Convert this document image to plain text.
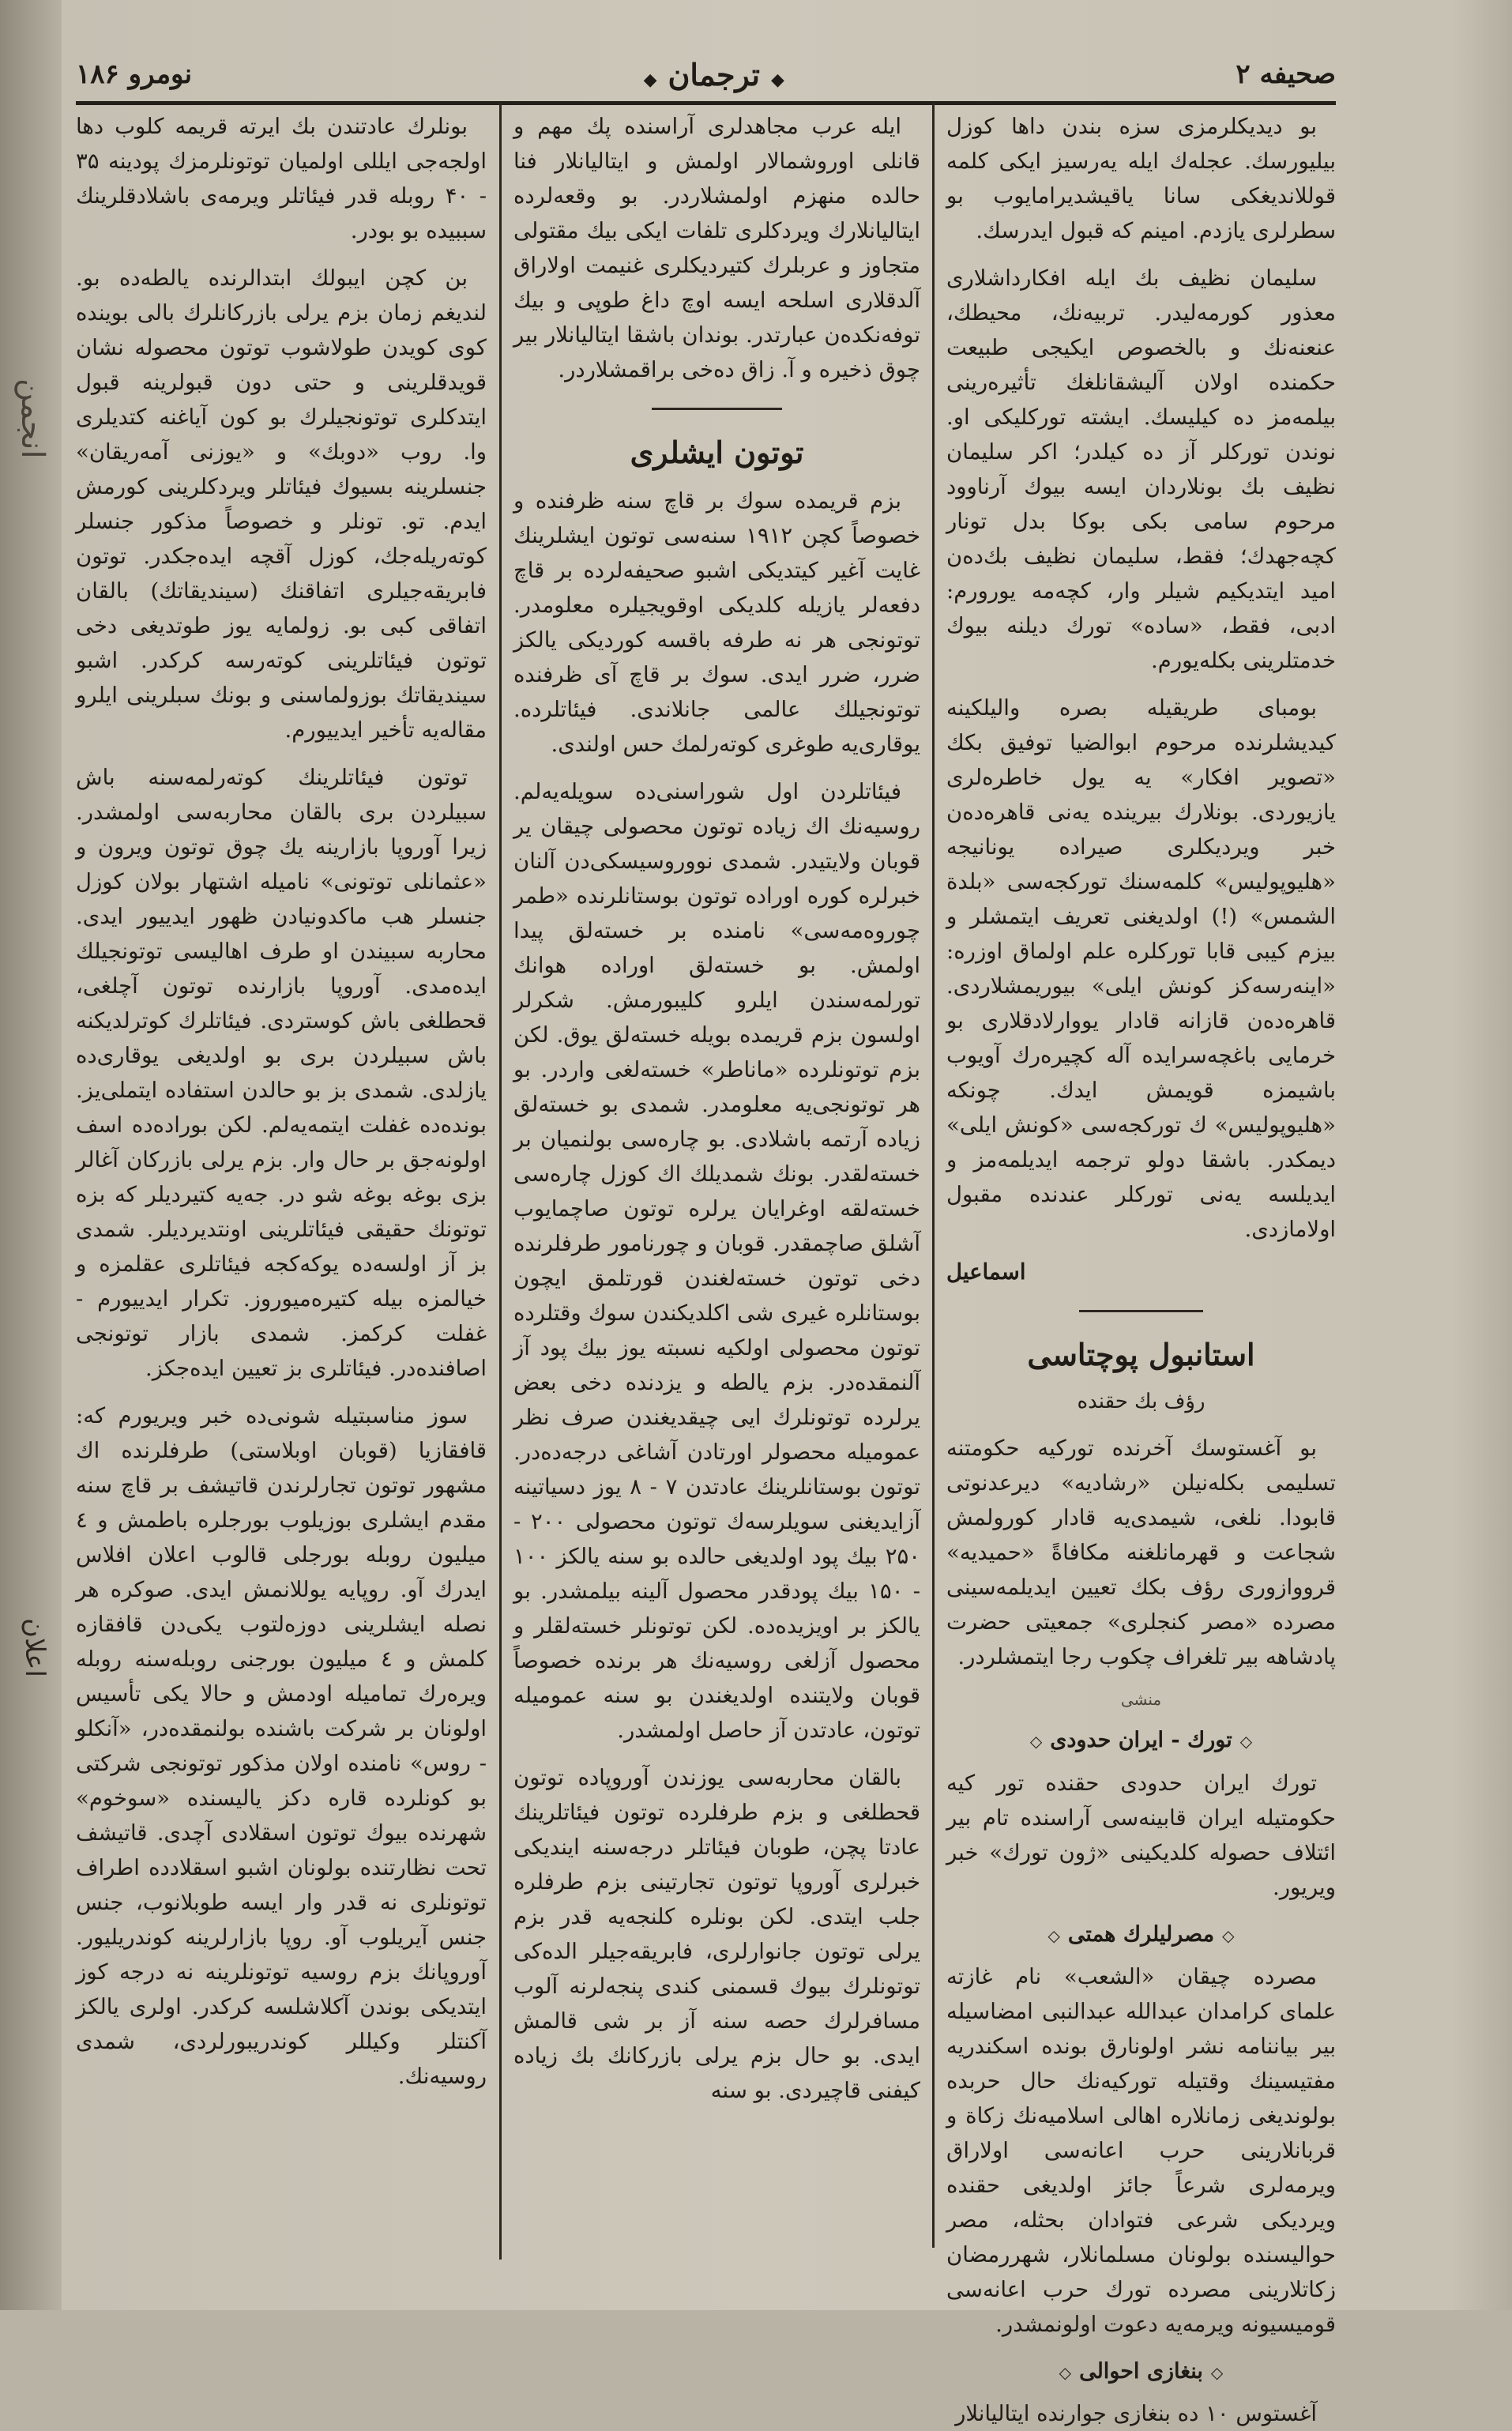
انجمن
اعلان
صحیفه ۲
◆ ترجمان ◆
نومرو ۱۸۶

بو دیدیکلرمزی سزه بندن داها کوزل بیلیورسك. عجله‌ك ایله یه‌رسیز ایکی کلمه قوللاندیغکی سانا یاقیشدیرامایوب بو سطرلری یازدم. امینم که قبول ایدرسك.

سلیمان نظیف بك ایله افکارداشلاری معذور کورمه‌لیدر. تربیه‌نك، محیطك، عنعنه‌نك و بالخصوص ایکیجی طبیعت حکمنده اولان آلیشقانلغك تأثیره‌رینی بیلمه‌مز ده کیلیسك. ایشته تورکلیکی او. نوندن تورکلر آز ده کیلدر؛ اکر سلیمان نظیف بك بونلاردان ایسه بیوك آرناوود مرحوم سامی بکی بوکا بدل تونار کچه‌جهدك؛ فقط، سلیمان نظیف بك‌ده‌ن امید ایتدیکیم شیلر وار، کچه‌مه یورورم: ادبی، فقط، «ساده» تورك دیلنه بیوك خدمتلرینی بکله‌یورم.

بومبای طریقیله بصره والیلکینه کیدیشلرنده مرحوم ابوالضیا توفیق بکك «تصویر افکار» یه یول خاطره‌لری یازیوردی. بونلارك بیرینده یه‌نی قاهره‌ده‌ن خبر ویردیکلری صیراده یونانیجه «هلیوپولیس» کلمه‌سنك تورکجه‌سی «بلدة الشمس» (!) اولدیغنی تعریف ایتمشلر و بیزم کیبی قابا تورکلره علم اولماق اوزره: «اینه‌رسه‌کز کونش ایلی» بیوریمشلاردی. قاهره‌ده‌ن قازانه قادار یووارلادقلاری بو خرمایی باغچه‌سرایده آله کچیره‌رك آویوب باشیمزه قویمش ایدك. چونکه «هلیوپولیس» ك تورکجه‌سی «کونش ایلی» دیمکدر. باشقا دولو ترجمه ایدیلمه‌مز و ایدیلسه یه‌نی تورکلر عندنده مقبول اولامازدی.

اسماعیل
استانبول پوچتاسی
رؤف بك حقنده

بو آغستوسك آخرنده تورکیه حکومتنه تسلیمی بکله‌نیلن «رشادیه» دیرعدنوتی قابودا. نلغی، شیمدی‌یه قادار کورولمش شجاعت و قهرمانلغنه مکافاةً «حمیدیه» قرووازوری رؤف بکك تعیین ایدیلمه‌سینی مصرده «مصر کنجلری» جمعیتی حضرت پادشاهه بیر تلغراف چکوب رجا ایتمشلردر.

منشی
◇ تورك - ایران حدودی ◇

تورك ایران حدودی حقنده تور کیه حکومتیله ایران قابینه‌سی آراسنده تام بیر ائتلاف حصوله کلدیکینی «ژون تورك» خبر ویریور.

◇ مصرلیلرك همتی ◇

مصرده چیقان «الشعب» نام غازته علمای کرامدان عبدالله عبدالنبی امضاسیله بیر بیاننامه نشر اولونارق بونده اسکندریه مفتیسینك وقتیله تورکیه‌نك حال حربده بولوندیغی زمانلاره اهالی اسلامیه‌نك زکاة و قربانلارینی حرب اعانه‌سی اولاراق ویرمه‌لری شرعاً جائز اولدیغی حقنده ویردیکی شرعی فتوادان بحثله، مصر حوالیسنده بولونان مسلمانلار، شهررمضان زکاتلارینی مصرده تورك حرب اعانه‌سی قومیسیونه ویرمه‌یه دعوت اولونمشدر.

◇ بنغازی احوالی ◇

آغستوس ۱۰ ده بنغازی جوارنده ایتالیانلار

ایله عرب مجاهدلری آراسنده پك مهم و قانلی اوروشمالار اولمش و ایتالیانلار فنا حالده منهزم اولمشلاردر. بو وقعه‌لرده ایتالیانلارك ویردکلری تلفات ایکی بیك مقتولی متجاوز و عربلرك کتیردیکلری غنیمت اولاراق آلدقلاری اسلحه ایسه اوچ داغ طوپی و بیك توفه‌نکده‌ن عبارتدر. بوندان باشقا ایتالیانلار بیر چوق ذخیره و آ. زاق ده‌خی براقمشلاردر.

توتون ایشلری

بزم قریمده سوك بر قاچ سنه ظرفنده و خصوصاً کچن ۱۹۱۲ سنه‌سی توتون ایشلرینك غایت آغیر کیتدیکی اشبو صحیفه‌لرده بر قاچ دفعه‌لر یازیله کلدیکی اوقویجیلره معلومدر. توتونجی هر نه طرفه باقسه کوردیکی یالکز ضرر، ضرر ایدی. سوك بر قاچ آی ظرفنده توتونجیلك عالمی جانلاندی. فیئاتلرده. یوقاری‌یه طوغری کوته‌رلمك حس اولندی.

فیئاتلردن اول شوراسنی‌ده سویله‌یه‌لم. روسیه‌نك اك زیاده توتون محصولی چیقان یر قوبان ولایتیدر. شمدی نووروسیسکی‌دن آلنان خبرلره کوره اوراده توتون بوستانلرنده «طمر چوروه‌مه‌سی» نامنده بر خسته‌لق پیدا اولمش. بو خسته‌لق اوراده هوانك تورلمه‌سندن ایلرو کلیبورمش. شکرلر اولسون بزم قریمده بویله خسته‌لق یوق. لکن بزم توتونلرده «ماناطر» خسته‌لغی واردر. بو هر توتونجی‌یه معلومدر. شمدی بو خسته‌لق زیاده آرتمه باشلادی. بو چاره‌سی بولنمیان بر خسته‌لقدر. بونك شمدیلك اك کوزل چاره‌سی خسته‌لقه اوغرایان یرلره توتون صاچمایوب آشلق صاچمقدر. قوبان و چورنامور طرفلرنده دخی توتون خسته‌لغندن قورتلمق ایچون بوستانلره غیری شی اکلدیکندن سوك وقتلرده توتون محصولی اولکیه نسبته یوز بیك پود آز آلنمقده‌در. بزم یالطه و یزدنده دخی بعض یرلرده توتونلرك ایی چیقدیغندن صرف نظر عمومیله محصولر اورتادن آشاغی درجه‌ده‌در. توتون بوستانلرینك عادتدن ۷ - ۸ یوز دسیاتینه آزایدیغنی سویلرسه‌ك توتون محصولی ۲۰۰ - ۲۵۰ بیك پود اولدیغی حالده بو سنه یالکز ۱۰۰ - ۱۵۰ بیك پودقدر محصول آلینه بیلمشدر. بو یالکز بر اویزیده‌ده. لکن توتونلر خسته‌لقلر و محصول آزلغی روسیه‌نك هر برنده خصوصاً قوبان ولایتنده اولدیغندن بو سنه عمومیله توتون، عادتدن آز حاصل اولمشدر.

بالقان محاربه‌سی یوزندن آوروپاده توتون قحطلغی و بزم طرفلرده توتون فیئاتلرینك عادتا پچن، طوبان فیئاتلر درجه‌سنه ایندیکی خبرلری آوروپا توتون تجارتینی بزم طرفلره جلب ایتدی. لکن بونلره کلنجه‌یه قدر بزم یرلی توتون جانوارلری، فابریقه‌جیلر الده‌کی توتونلرك بیوك قسمنی کندی پنجه‌لرنه آلوب مسافرلرك حصه سنه آز بر شی قالمش ایدی. بو حال بزم یرلی بازرکانك بك زیاده کیفنی قاچیردی. بو سنه

بونلرك عادتندن بك ایرته قریمه کلوب دها اولجه‌جی ایللی اولمیان توتونلرمزك پودینه ۳۵ - ۴۰ روبله قدر فیئاتلر ویرمه‌ی باشلادقلرینك سببیده بو بودر.

بن کچن ایبولك ابتدالرنده یالطه‌ده بو. لندیغم زمان بزم یرلی بازرکانلرك بالی بوینده کوی کویدن طولاشوب توتون محصوله نشان قویدقلرینی و حتی دون قبولرینه قبول ایتدکلری توتونجیلرك بو کون آیاغنه کتدیلری وا. روب «دوبك» و «یوزنی آمه‌ریقان» جنسلرینه بسیوك فیئاتلر ویردکلرینی کورمش ایدم. تو. تونلر و خصوصاً مذکور جنسلر کوته‌ریله‌جك، کوزل آقچه ایده‌جکدر. توتون فابریقه‌جیلری اتفاقنك (سیندیقاتك) بالقان اتفاقی کبی بو. زولمایه یوز طوتدیغی دخی توتون فیئاتلرینی کوته‌رسه کرکدر. اشبو سیندیقاتك بوزولماسنی و بونك سبلرینی ایلرو مقاله‌یه تأخیر ایدییورم.

توتون فیئاتلرینك کوته‌رلمه‌سنه باش سبیلردن بری بالقان محاربه‌سی اولمشدر. زیرا آوروپا بازارینه یك چوق توتون ویرون و «عثمانلی توتونی» نامیله اشتهار بولان کوزل جنسلر هب ماکدونیادن ظهور ایدییور ایدی. محاربه سبیندن او طرف اهالیسی توتونجیلك ایده‌مدی. آوروپا بازارنده توتون آچلغی، قحطلغی باش کوستردی. فیئاتلرك کوترلدیکنه باش سبیلردن بری بو اولدیغی یوقاری‌ده یازلدی. شمدی بز بو حالدن استفاده ایتملی‌یز. بونده‌ده غفلت ایتمه‌یه‌لم. لکن بوراده‌ده اسف اولونه‌جق بر حال وار. بزم یرلی بازرکان آغالر بزی بوغه بوغه شو در. جه‌یه کتیردیلر که بزه توتونك حقیقی فیئاتلرینی اونتدیردیلر. شمدی بز آز اولسه‌ده یوکه‌کجه فیئاتلری عقلمزه و خیالمزه بیله کتیره‌میوروز. تکرار ایدییورم - غفلت کرکمز. شمدی بازار توتونجی اصافنده‌در. فیئاتلری بز تعیین ایده‌جکز.

سوز مناسبتیله شونی‌ده خبر ویریورم که: قافقازیا (قوبان اوبلاستی) طرفلرنده اك مشهور توتون تجارلرندن قاتیشف بر قاچ سنه مقدم ایشلری بوزیلوب بورجلره باطمش و ٤ میلیون روبله بورجلی قالوب اعلان افلاس ایدرك آو. روپایه یوللانمش ایدی. صوکره هر نصله ایشلرینی دوزه‌لتوب یکی‌دن قافقازه کلمش و ٤ میلیون بورجنی روبله‌سنه روبله ویره‌رك تمامیله اودمش و حالا یکی تأسیس اولونان بر شرکت باشنده بولنمقده‌در، «آنکلو - روس» نامنده اولان مذکور توتونجی شرکتی بو کونلرده قاره دکز یالیسنده «سوخوم» شهرنده بیوك توتون اسقلادی آچدی. قاتیشف تحت نظارتنده بولونان اشبو اسقلادده اطراف توتونلری نه قدر وار ایسه طوبلانوب، جنس جنس آیریلوب آو. روپا بازارلرینه کوندریلیور. آوروپانك بزم روسیه توتونلرینه نه درجه کوز ایتدیکی بوندن آکلاشلسه کرکدر. اولری یالکز آکنتلر وکیللر کوندریبورلردی، شمدی روسیه‌نك.
